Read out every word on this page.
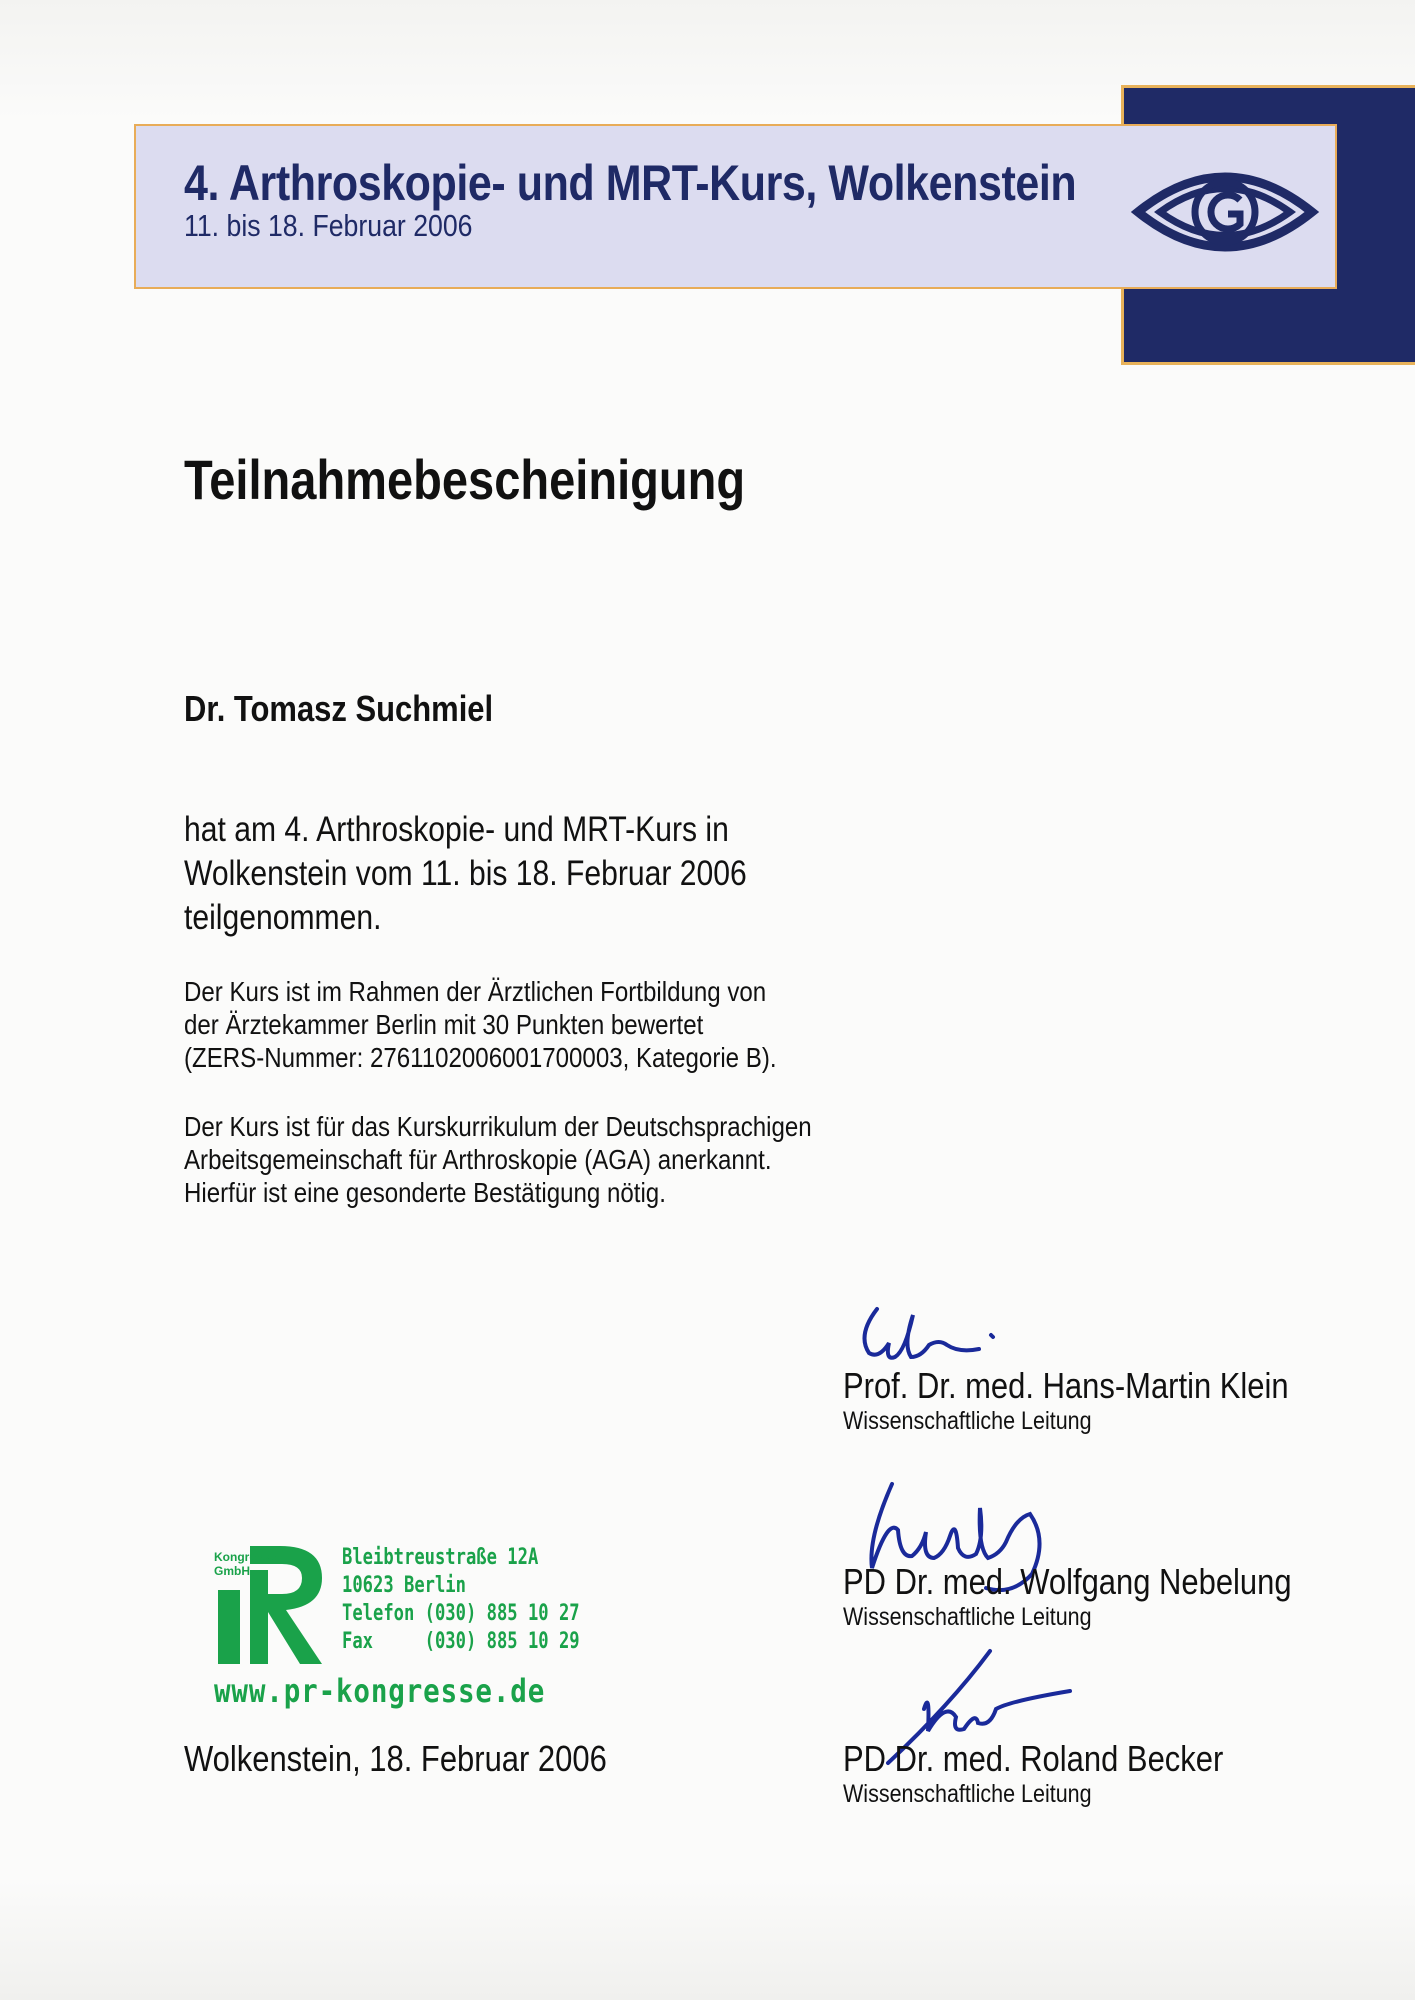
4. Arthroskopie- und MRT-Kurs, Wolkenstein
11. bis 18. Februar 2006
Teilnahmebescheinigung
Dr. Tomasz Suchmiel
hat am 4. Arthroskopie- und MRT-Kurs in
Wolkenstein vom 11. bis 18. Februar 2006
teilgenommen.
Der Kurs ist im Rahmen der Ärztlichen Fortbildung von
der Ärztekammer Berlin mit 30 Punkten bewertet
(ZERS-Nummer: 2761102006001700003, Kategorie B).
Der Kurs ist für das Kurskurrikulum der Deutschsprachigen
Arbeitsgemeinschaft für Arthroskopie (AGA) anerkannt.
Hierfür ist eine gesonderte Bestätigung nötig.
Prof. Dr. med. Hans-Martin Klein
Wissenschaftliche Leitung
PD Dr. med. Wolfgang Nebelung
Wissenschaftliche Leitung
PD Dr. med. Roland Becker
Wissenschaftliche Leitung
Kongresse
GmbH
Bleibtreustraße 12A
10623 Berlin
Telefon (030) 885 10 27
Fax     (030) 885 10 29
www.pr-kongresse.de
Wolkenstein, 18. Februar 2006
